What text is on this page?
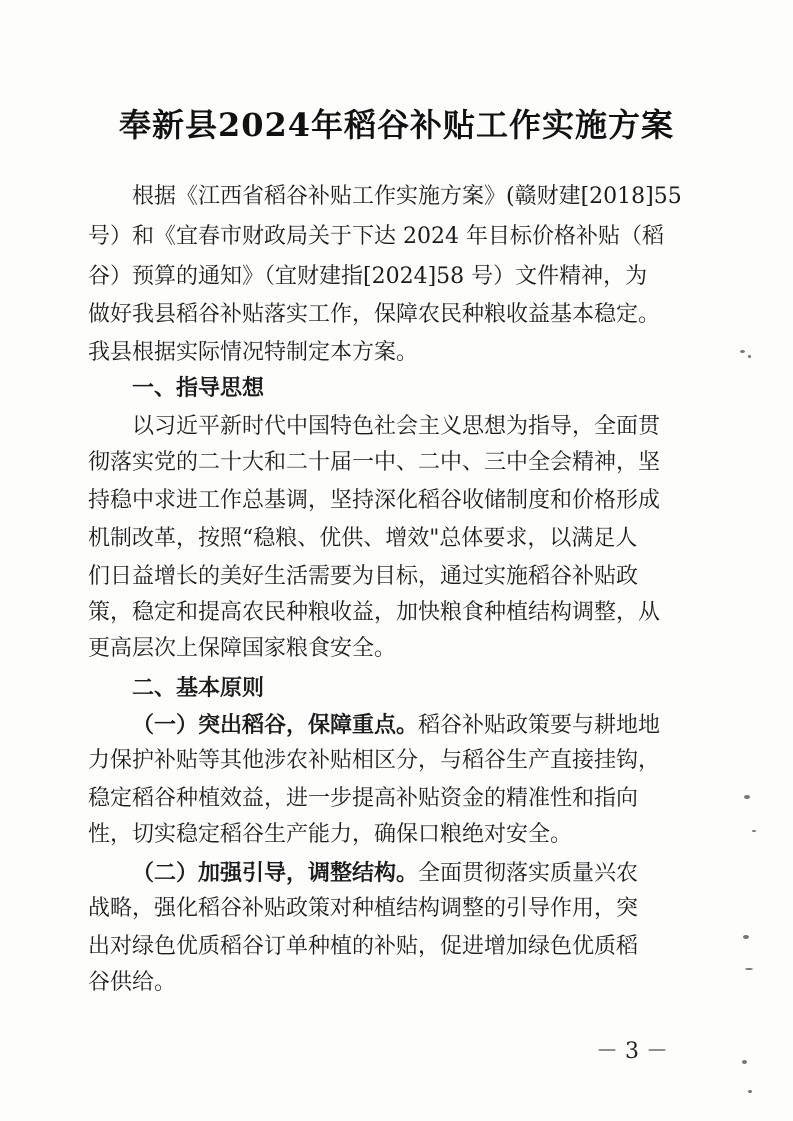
奉新县2024年稻谷补贴工作实施方案
根据《江西省稻谷补贴工作实施方案》(赣财建[2018]55
号）和《宜春市财政局关于下达 2024 年目标价格补贴（稻
谷）预算的通知》（宜财建指[2024]58 号）文件精神，为
做好我县稻谷补贴落实工作，保障农民种粮收益基本稳定。
我县根据实际情况特制定本方案。
一、指导思想
以习近平新时代中国特色社会主义思想为指导，全面贯
彻落实党的二十大和二十届一中、二中、三中全会精神，坚
持稳中求进工作总基调，坚持深化稻谷收储制度和价格形成
机制改革，按照“稳粮、优供、增效"总体要求，以满足人
们日益增长的美好生活需要为目标，通过实施稻谷补贴政
策，稳定和提高农民种粮收益，加快粮食种植结构调整，从
更高层次上保障国家粮食安全。
二、基本原则
（一）突出稻谷，保障重点。稻谷补贴政策要与耕地地
力保护补贴等其他涉农补贴相区分，与稻谷生产直接挂钩，
稳定稻谷种植效益，进一步提高补贴资金的精准性和指向
性，切实稳定稻谷生产能力，确保口粮绝对安全。
（二）加强引导，调整结构。全面贯彻落实质量兴农
战略，强化稻谷补贴政策对种植结构调整的引导作用，突
出对绿色优质稻谷订单种植的补贴，促进增加绿色优质稻
谷供给。
－ 3 －
